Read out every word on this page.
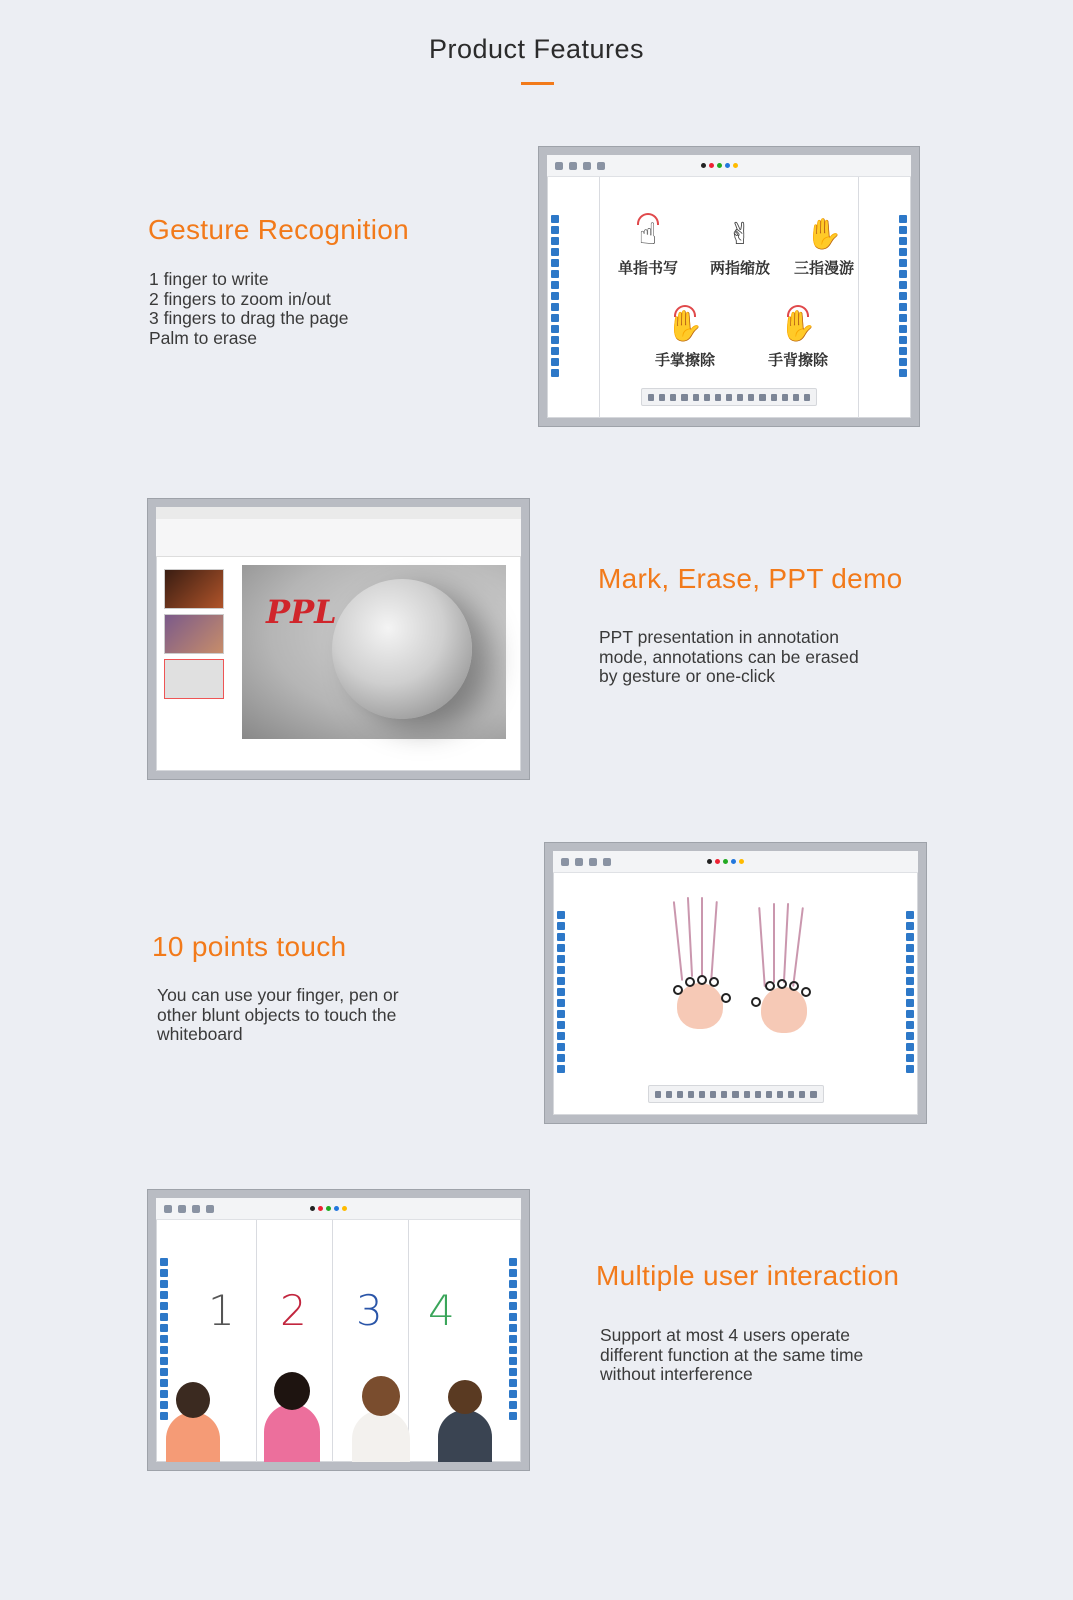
Product Features
Gesture Recognition
1 finger to write
2 fingers to zoom in/out
3 fingers to drag the page
Palm to erase
☝
单指书写
✌
两指缩放
✋
三指漫游
✋
手掌擦除
✋
手背擦除
PPL
Mark, Erase, PPT demo
PPT presentation in annotation
mode, annotations can be erased
by gesture or one-click
10 points touch
You can use your finger, pen or
other blunt objects to touch the
whiteboard
1 2 3 4
Multiple user interaction
Support at most 4 users operate
different function at the same time
without interference
